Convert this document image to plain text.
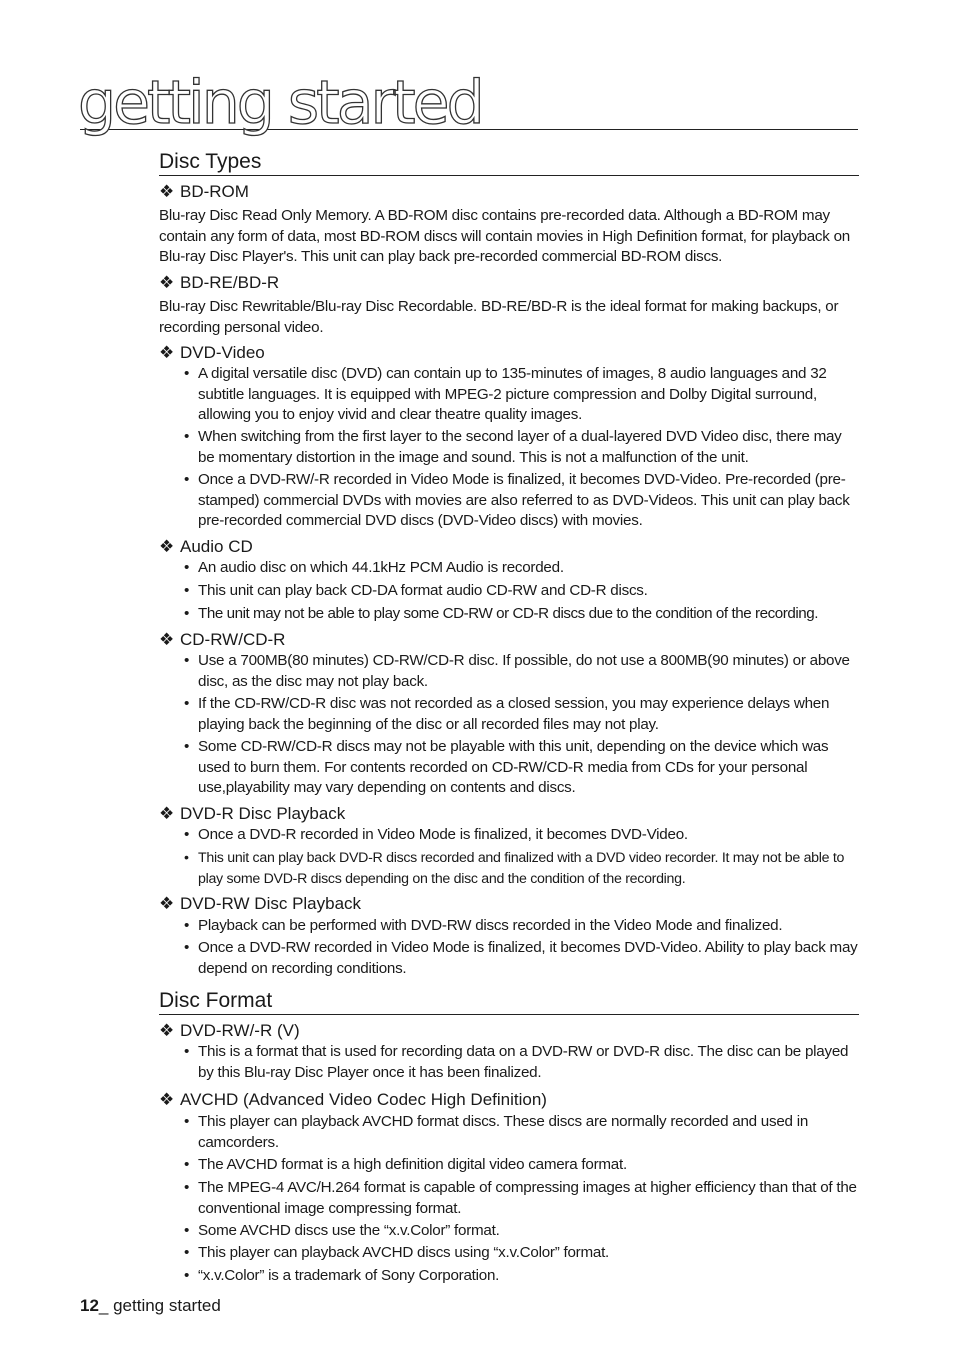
getting started
Disc Types
❖ BD-ROM

Blu-ray Disc Read Only Memory. A BD-ROM disc contains pre-recorded data. Although a BD-ROM may contain any form of data, most BD-ROM discs will contain movies in High Definition format, for playback on Blu-ray Disc Player's. This unit can play back pre-recorded commercial BD-ROM discs.

❖ BD-RE/BD-R

Blu-ray Disc Rewritable/Blu-ray Disc Recordable. BD-RE/BD-R is the ideal format for making backups, or recording personal video.

❖ DVD-Video

• A digital versatile disc (DVD) can contain up to 135-minutes of images, 8 audio languages and 32 subtitle languages. It is equipped with MPEG-2 picture compression and Dolby Digital surround, allowing you to enjoy vivid and clear theatre quality images.

• When switching from the first layer to the second layer of a dual-layered DVD Video disc, there may be momentary distortion in the image and sound. This is not a malfunction of the unit.

• Once a DVD-RW/-R recorded in Video Mode is finalized, it becomes DVD-Video. Pre-recorded (pre-stamped) commercial DVDs with movies are also referred to as DVD-Videos. This unit can play back pre-recorded commercial DVD discs (DVD-Video discs) with movies.

❖ Audio CD

• An audio disc on which 44.1kHz PCM Audio is recorded.

• This unit can play back CD-DA format audio CD-RW and CD-R discs.

• The unit may not be able to play some CD-RW or CD-R discs due to the condition of the recording.

❖ CD-RW/CD-R

• Use a 700MB(80 minutes) CD-RW/CD-R disc. If possible, do not use a 800MB(90 minutes) or above disc, as the disc may not play back.

• If the CD-RW/CD-R disc was not recorded as a closed session, you may experience delays when playing back the beginning of the disc or all recorded files may not play.

• Some CD-RW/CD-R discs may not be playable with this unit, depending on the device which was used to burn them. For contents recorded on CD-RW/CD-R media from CDs for your personal use,playability may vary depending on contents and discs.

❖ DVD-R Disc Playback

• Once a DVD-R recorded in Video Mode is finalized, it becomes DVD-Video.

• This unit can play back DVD-R discs recorded and finalized with a DVD video recorder. It may not be able to play some DVD-R discs depending on the disc and the condition of the recording.

❖ DVD-RW Disc Playback

• Playback can be performed with DVD-RW discs recorded in the Video Mode and finalized.

• Once a DVD-RW recorded in Video Mode is finalized, it becomes DVD-Video. Ability to play back may depend on recording conditions.

Disc Format
❖ DVD-RW/-R (V)

• This is a format that is used for recording data on a DVD-RW or DVD-R disc. The disc can be played by this Blu-ray Disc Player once it has been finalized.

❖ AVCHD (Advanced Video Codec High Definition)

• This player can playback AVCHD format discs. These discs are normally recorded and used in camcorders.

• The AVCHD format is a high definition digital video camera format.

• The MPEG-4 AVC/H.264 format is capable of compressing images at higher efficiency than that of the conventional image compressing format.

• Some AVCHD discs use the “x.v.Color” format.

• This player can playback AVCHD discs using “x.v.Color” format.

• “x.v.Color” is a trademark of Sony Corporation.

12_ getting started
